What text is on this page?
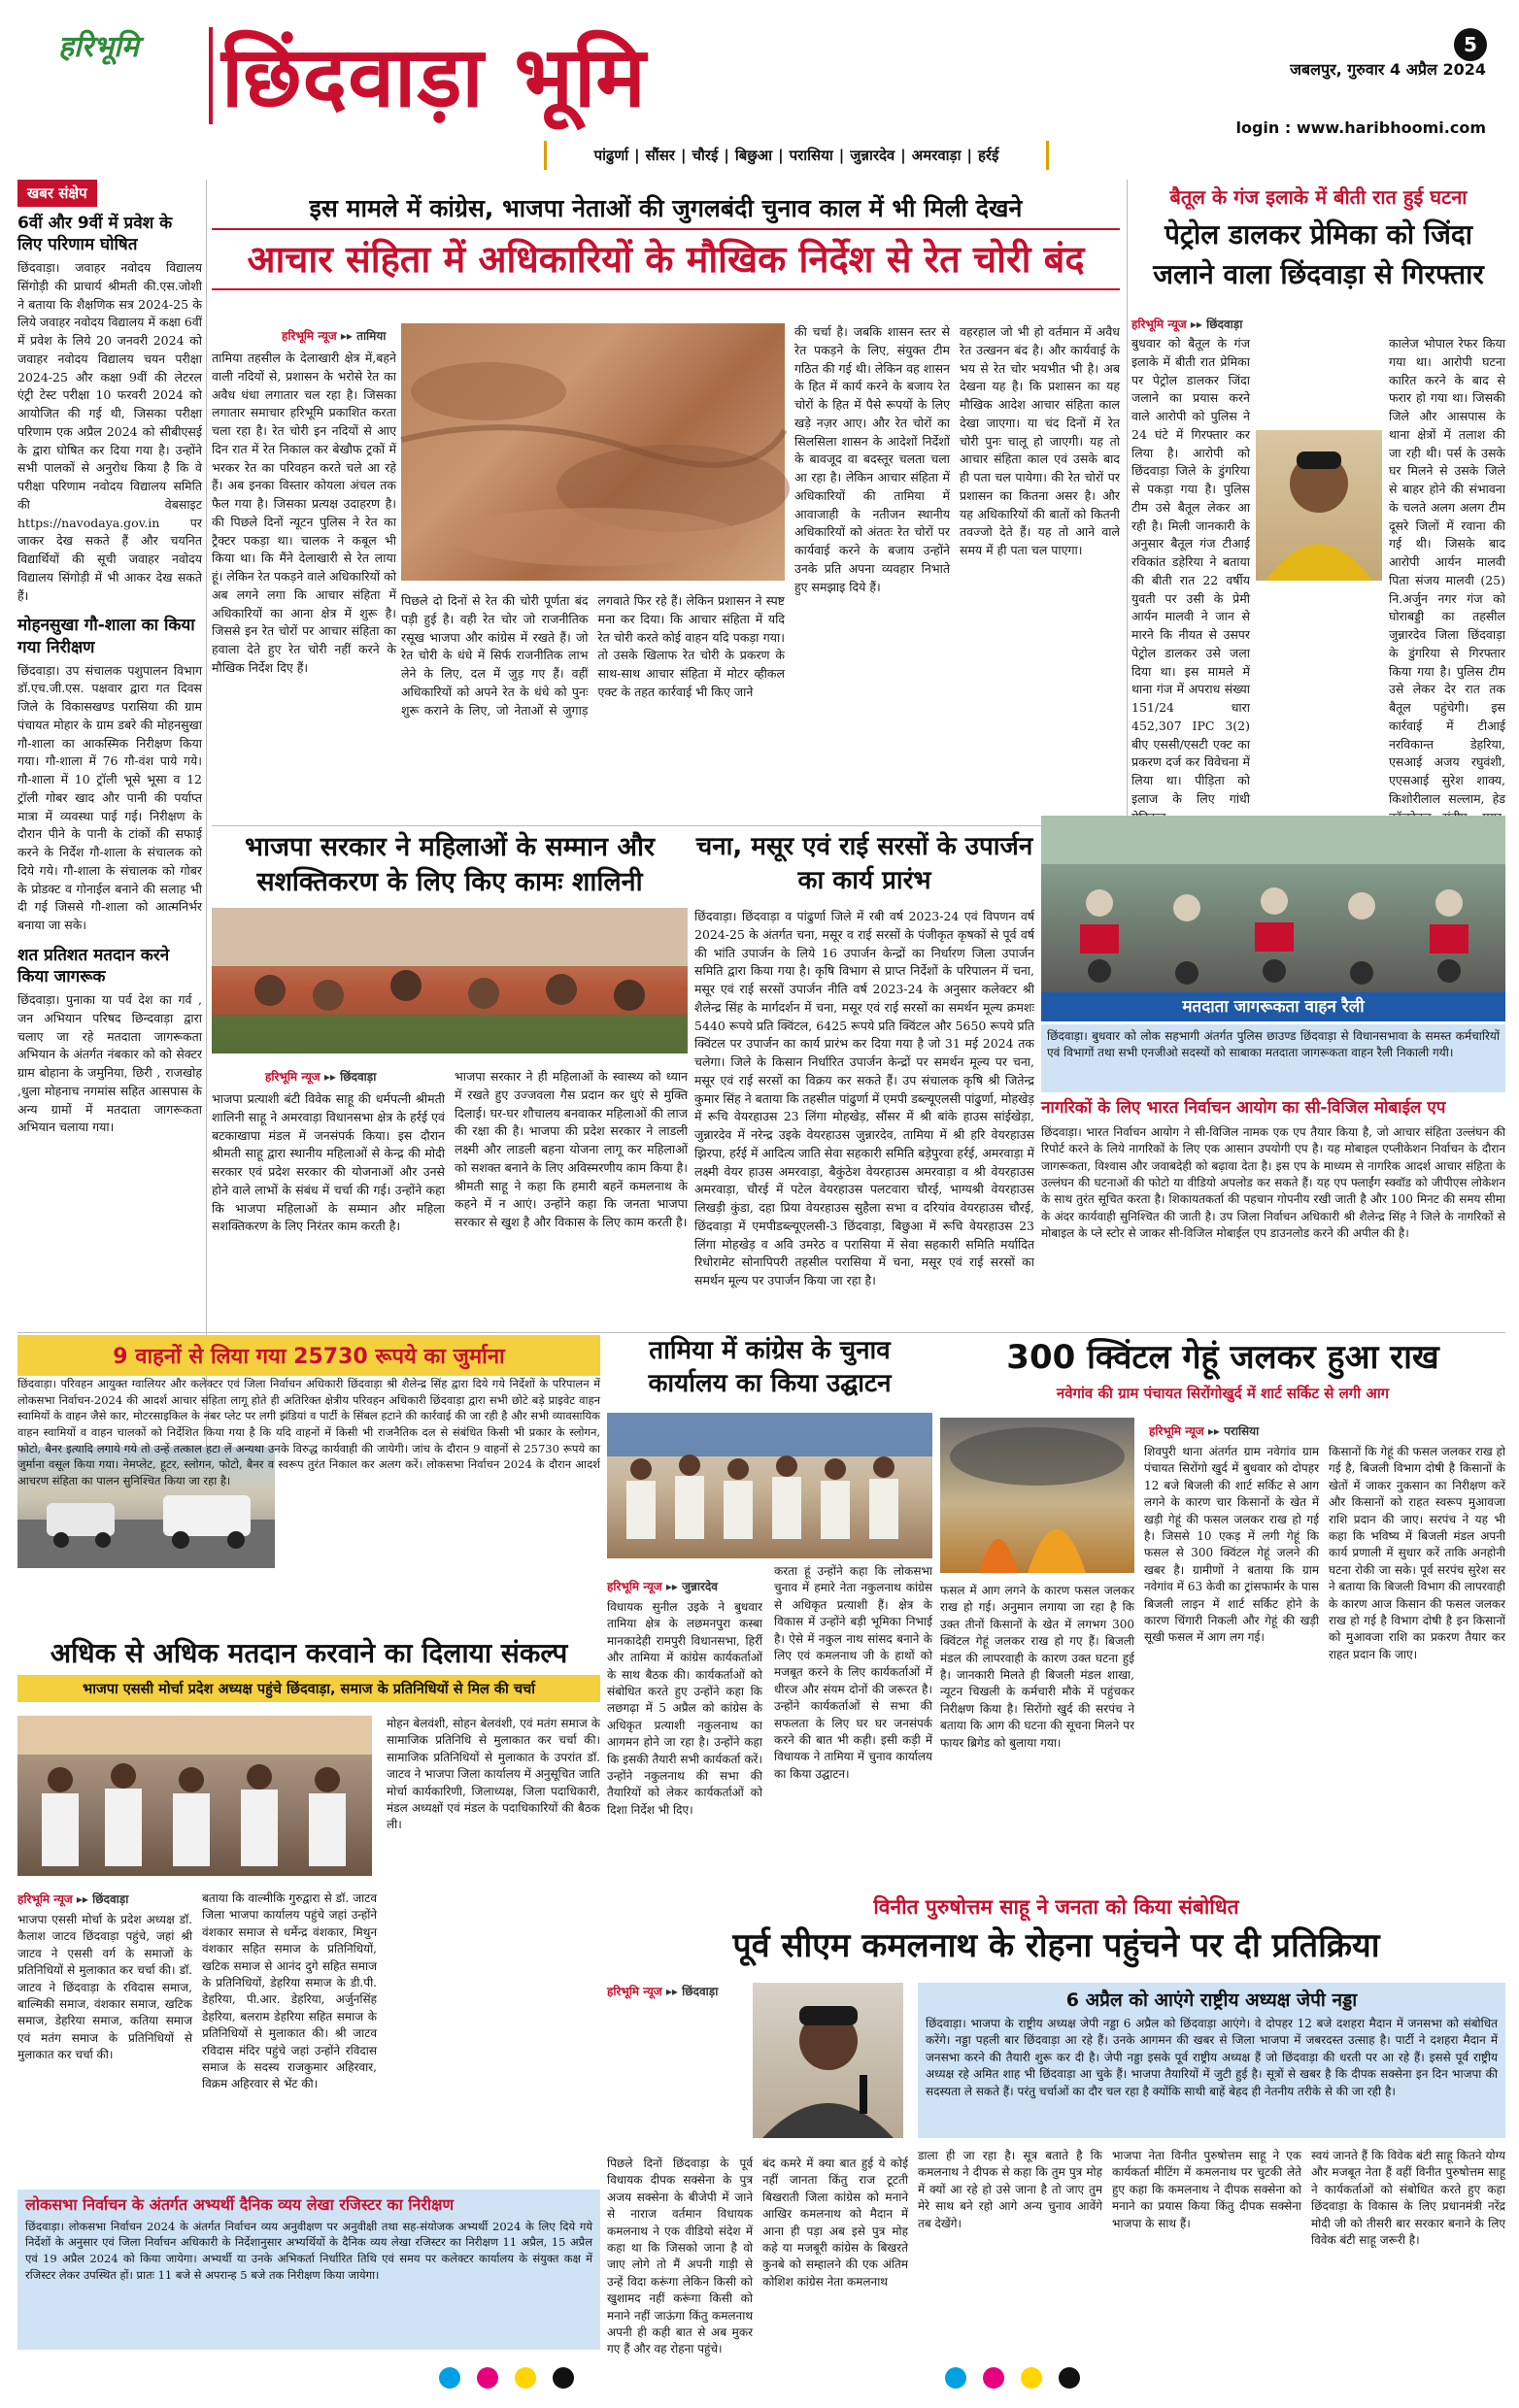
हरिभूमि छिंदवाड़ा भूमि	5
जबलपुर, गुरुवार 4 अप्रैल 2024
login : www.haribhoomi.com
पांढुर्णा | सौंसर | चौरई | बिछुआ | परासिया | जुन्नारदेव | अमरवाड़ा | हर्रई
खबर संक्षेप
6वीं और 9वीं में प्रवेश के लिए परिणाम घोषित
छिंदवाड़ा। जवाहर नवोदय विद्यालय सिंगोड़ी की प्राचार्य श्रीमती की.एस.जोशी ने बताया कि शैक्षणिक सत्र 2024-25 के लिये जवाहर नवोदय विद्यालय में कक्षा 6वीं में प्रवेश के लिये 20 जनवरी 2024 को जवाहर नवोदय विद्यालय चयन परीक्षा 2024-25 और कक्षा 9वीं की लेटरल एंट्री टेस्ट परीक्षा 10 फरवरी 2024 को आयोजित की गई थी, जिसका परीक्षा परिणाम एक अप्रैल 2024 को सीबीएसई के द्वारा घोषित कर दिया गया है। उन्होंने सभी पालकों से अनुरोध किया है कि वे परीक्षा परिणाम नवोदय विद्यालय समिति की वेबसाइट https://navodaya.gov.in पर जाकर देख सकते हैं और चयनित विद्यार्थियों की सूची जवाहर नवोदय विद्यालय सिंगोड़ी में भी आकर देख सकते हैं।
मोहनसुखा गौ-शाला का किया गया निरीक्षण
छिंदवाड़ा। उप संचालक पशुपालन विभाग डॉ.एच.जी.एस. पक्षवार द्वारा गत दिवस जिले के विकासखण्ड परासिया की ग्राम पंचायत मोहार के ग्राम डबरे की मोहनसुखा गौ-शाला का आकस्मिक निरीक्षण किया गया। गौ-शाला में 76 गौ-वंश पाये गये। गौ-शाला में 10 ट्रॉली भूसे भूसा व 12 ट्रॉली गोबर खाद और पानी की पर्याप्त मात्रा में व्यवस्था पाई गई। निरीक्षण के दौरान पीने के पानी के टांकों की सफाई करने के निर्देश गौ-शाला के संचालक को दिये गये। गौ-शाला के संचालक को गोबर के प्रोडक्ट व गोनाईल बनाने की सलाह भी दी गई जिससे गौ-शाला को आत्मनिर्भर बनाया जा सके।
शत प्रतिशत मतदान करने किया जागरूक
छिंदवाड़ा। पुनाका या पर्व देश का गर्व , जन अभियान परिषद छिन्दवाड़ा द्वारा चलाए जा रहे मतदाता जागरूकता अभियान के अंतर्गत नंबकार को को सेक्टर ग्राम बोहाना के जमुनिया, छिरी , राजखोह ,धुला मोहनाच नगमांस सहित आसपास के अन्य ग्रामों में मतदाता जागरूकता अभियान चलाया गया।
इस मामले में कांग्रेस, भाजपा नेताओं की जुगलबंदी चुनाव काल में भी मिली देखने
आचार संहिता में अधिकारियों के मौखिक निर्देश से रेत चोरी बंद
हरिभूमि न्यूज ▸▸ तामिया
तामिया तहसील के देलाखारी क्षेत्र में,बहने वाली नदियों से, प्रशासन के भरोसे रेत का अवैध धंधा लगातार चल रहा है। जिसका लगातार समाचार हरिभूमि प्रकाशित करता चला रहा है। रेत चोरी इन नदियों से आए दिन रात में रेत निकाल कर बेखौफ ट्रकों में भरकर रेत का परिवहन करते चले आ रहे हैं। अब इनका विस्तार कोयला अंचल तक फैल गया है। जिसका प्रत्यक्ष उदाहरण है। की पिछले दिनों न्यूटन पुलिस ने रेत का ट्रैक्टर पकड़ा था। चालक ने कबूल भी किया था। कि मैंने देलाखारी से रेत लाया हूं। लेकिन रेत पकड़ने वाले अधिकारियों को अब लगने लगा कि आचार संहिता में अधिकारियों का आना क्षेत्र में शुरू है। जिससे इन रेत चोरों पर आचार संहिता का हवाला देते हुए रेत चोरी नहीं करने के मौखिक निर्देश दिए हैं।
वहरहाल जो भी हो वर्तमान में अवैध रेत उत्खनन बंद है। और कार्यवाई के भय से रेत चोर भयभीत भी है। अब देखना यह है। कि प्रशासन का यह मौखिक आदेश आचार संहिता काल देखा जाएगा। या चंद दिनों में रेत चोरी पुनः चालू हो जाएगी। यह तो आचार संहिता काल एवं उसके बाद ही पता चल पायेगा। की रेत चोरों पर प्रशासन का कितना असर है। और यह अधिकारियों की बातों को कितनी तवज्जो देते हैं। यह तो आने वाले समय में ही पता चल पाएगा।
की चर्चा है। जबकि शासन स्तर से रेत पकड़ने के लिए, संयुक्त टीम गठित की गई थी। लेकिन वह शासन के हित में कार्य करने के बजाय रेत चोरों के हित में पैसे रूपयों के लिए खड़े नज़र आए। और रेत चोरों का सिलसिला शासन के आदेशों निर्देशों के बावजूद वा बदस्तूर चलता चला आ रहा है। लेकिन आचार संहिता में अधिकारियों की तामिया में आवाजाही के नतीजन स्थानीय अधिकारियों को अंततः रेत चोरों पर कार्यवाई करने के बजाय उन्होंने उनके प्रति अपना व्यवहार निभाते हुए समझाइ दिये हैं।
पिछले दो दिनों से रेत की चोरी पूर्णता बंद पड़ी हुई है। वही रेत चोर जो राजनीतिक रसूख भाजपा और कांग्रेस में रखते हैं। जो रेत चोरी के धंधे में सिर्फ राजनीतिक लाभ लेने के लिए, दल में जुड़ गए हैं। वहीं अधिकारियों को अपने रेत के धंधे को पुनः शुरू कराने के लिए, जो नेताओं से जुगाड़ लगवाते फिर रहे हैं। लेकिन प्रशासन ने स्पष्ट मना कर दिया। कि आचार संहिता में यदि रेत चोरी करते कोई वाहन यदि पकड़ा गया। तो उसके खिलाफ रेत चोरी के प्रकरण के साथ-साथ आचार संहिता में मोटर व्हीकल एक्ट के तहत कार्रवाई भी किए जाने
बैतूल के गंज इलाके में बीती रात हुई घटना
पेट्रोल डालकर प्रेमिका को जिंदा जलाने वाला छिंदवाड़ा से गिरफ्तार
हरिभूमि न्यूज ▸▸ छिंदवाड़ा
बुधवार को बैतूल के गंज इलाके में बीती रात प्रेमिका पर पेट्रोल डालकर जिंदा जलाने का प्रयास करने वाले आरोपी को पुलिस ने 24 घंटे में गिरफ्तार कर लिया है। आरोपी को छिंदवाड़ा जिले के डुंगरिया से पकड़ा गया है। पुलिस टीम उसे बैतूल लेकर आ रही है। मिली जानकारी के अनुसार बैतूल गंज टीआई रविकांत डहेरिया ने बताया की बीती रात 22 वर्षीय युवती पर उसी के प्रेमी आर्यन मालवी ने जान से मारने कि नीयत से उसपर पेट्रोल डालकर उसे जला दिया था। इस मामले में थाना गंज में अपराध संख्या 151/24 धारा 452,307 IPC 3(2) बीए एससी/एसटी एक्ट का प्रकरण दर्ज कर विवेचना में लिया था। पीड़िता को इलाज के लिए गांधी
कालेज भोपाल रेफर किया गया था। आरोपी घटना कारित करने के बाद से फरार हो गया था। जिसकी जिले और आसपास के थाना क्षेत्रों में तलाश की जा रही थी। पर्स के उसके घर मिलने से उसके जिले से बाहर होने की संभावना के चलते अलग अलग टीम दूसरे जिलों में रवाना की गई थी। जिसके बाद आरोपी आर्यन मालवी पिता संजय मालवी (25) नि.अर्जुन नगर गंज को घोराबड्डी का तहसील जुन्नारदेव जिला छिंदवाड़ा के डुंगरिया से गिरफ्तार किया गया है। पुलिस टीम उसे लेकर देर रात तक बैतूल पहुंचेगी। इस कार्रवाई में टीआई नरविकान्त डेहरिया, एसआई अजय रघुवंशी, एएसआई सुरेश शाक्य, किशोरीलाल सल्लाम, हेड
भाजपा सरकार ने महिलाओं के सम्मान और सशक्तिकरण के लिए किए कामः शालिनी
हरिभूमि न्यूज ▸▸ छिंदवाड़ा
भाजपा प्रत्याशी बंटी विवेक साहू की धर्मपत्नी श्रीमती शालिनी साहू ने अमरवाड़ा विधानसभा क्षेत्र के हर्रई एवं बटकाखापा मंडल में जनसंपर्क किया। इस दौरान श्रीमती साहू द्वारा स्थानीय महिलाओं से केन्द्र की मोदी सरकार एवं प्रदेश सरकार की योजनाओं और उनसे होने वाले लाभों के संबंध में चर्चा की गई। उन्होंने कहा कि भाजपा महिलाओं के सम्मान और महिला सशक्तिकरण के लिए निरंतर काम करती है।
भाजपा सरकार ने ही महिलाओं के स्वास्थ्य को ध्यान में रखते हुए उज्जवला गैस प्रदान कर धुएं से मुक्ति दिलाई। घर-घर शौचालय बनवाकर महिलाओं की लाज की रक्षा की है। भाजपा की प्रदेश सरकार ने लाडली लक्ष्मी और लाडली बहना योजना लागू कर महिलाओं को सशक्त बनाने के लिए अविस्मरणीय काम किया है। श्रीमती साहू ने कहा कि हमारी बहनें कमलनाथ के कहने में न आएं। उन्होंने कहा कि जनता भाजपा सरकार से खुश है और विकास के लिए काम करती है।
चना, मसूर एवं राई सरसों के उपार्जन का कार्य प्रारंभ
छिंदवाड़ा। छिंदवाड़ा व पांढुर्णा जिले में रबी वर्ष 2023-24 एवं विपणन वर्ष 2024-25 के अंतर्गत चना, मसूर व राई सरसों के पंजीकृत कृषकों से पूर्व वर्ष की भांति उपार्जन के लिये 16 उपार्जन केन्द्रों का निर्धारण जिला उपार्जन समिति द्वारा किया गया है। कृषि विभाग से प्राप्त निर्देशों के परिपालन में चना, मसूर एवं राई सरसों उपार्जन नीति वर्ष 2023-24 के अनुसार कलेक्टर श्री शैलेन्द्र सिंह के मार्गदर्शन में चना, मसूर एवं राई सरसों का समर्थन मूल्य क्रमशः 5440 रूपये प्रति क्विंटल, 6425 रूपये प्रति क्विंटल और 5650 रूपये प्रति क्विंटल पर उपार्जन का कार्य प्रारंभ कर दिया गया है जो 31 मई 2024 तक चलेगा। जिले के किसान निर्धारित उपार्जन केन्द्रों पर समर्थन मूल्य पर चना, मसूर एवं राई सरसों का विक्रय कर सकते हैं। उप संचालक कृषि श्री जितेन्द्र कुमार सिंह ने बताया कि तहसील पांढुर्णा में एमपी डब्ल्यूएलसी पांढुर्णा, मोहखेड़ में रूचि वेयरहाउस 23 लिंगा मोहखेड़, सौंसर में श्री बांके हाउस सांईखेड़ा, जुन्नारदेव में नरेन्द्र उइके वेयरहाउस जुन्नारदेव, तामिया में श्री हरि वेयरहाउस झिरपा, हर्रई में आदित्य जाति सेवा सहकारी समिति बड़ेपुरवा हर्रई, अमरवाड़ा में लक्ष्मी वेयर हाउस अमरवाड़ा, बैकुंठेश वेयरहाउस अमरवाड़ा व श्री वेयरहाउस अमरवाड़ा, चौरई में पटेल वेयरहाउस पलटवारा चौरई, भाग्यश्री वेयरहाउस लिखड़ी कुंडा, दहा प्रिया वेयरहाउस सुहैला सभा व दरियांव वेयरहाउस चौरई, छिंदवाड़ा में एमपीडब्ल्यूएलसी-3 छिंदवाड़ा, बिछुआ में रूचि वेयरहाउस 23 लिंगा मोहखेड़ व अवि उमरेठ व परासिया में सेवा सहकारी समिति मर्यादित रिधोरामेट सोनापिपरी तहसील परासिया में चना, मसूर एवं राई सरसों का समर्थन मूल्य पर उपार्जन किया जा रहा है।
मतदाता जागरूकता वाहन रैली
छिंदवाड़ा। बुधवार को लोक सहभागी अंतर्गत पुलिस छाउण्ड छिंदवाड़ा से विधानसभावा के समस्त कर्मचारियों एवं विभागों तथा सभी एनजीओ सदस्यों को साबाका मतदाता जागरूकता वाहन रैली निकाली गयी।
नागरिकों के लिए भारत निर्वाचन आयोग का सी-विजिल मोबाईल एप
छिंदवाड़ा। भारत निर्वाचन आयोग ने सी-विजिल नामक एक एप तैयार किया है, जो आचार संहिता उल्लंघन की रिपोर्ट करने के लिये नागरिकों के लिए एक आसान उपयोगी एप है। यह मोबाइल एप्लीकेशन निर्वाचन के दौरान जागरूकता, विश्वास और जवाबदेही को बढ़ावा देता है। इस एप के माध्यम से नागरिक आदर्श आचार संहिता के उल्लंघन की घटनाओं की फोटो या वीडियो अपलोड कर सकते हैं। यह एप फ्लाईंग स्क्वॉड को जीपीएस लोकेशन के साथ तुरंत सूचित करता है। शिकायतकर्ता की पहचान गोपनीय रखी जाती है और 100 मिनट की समय सीमा के अंदर कार्यवाही सुनिश्चित की जाती है। उप जिला निर्वाचन अधिकारी श्री शैलेन्द्र सिंह ने जिले के नागरिकों से मोबाइल के प्ले स्टोर से जाकर सी-विजिल मोबाईल एप डाउनलोड करने की अपील की है।
9 वाहनों से लिया गया 25730 रूपये का जुर्माना
छिंदवाड़ा। परिवहन आयुक्त ग्वालियर और कलेक्टर एवं जिला निर्वाचन अधिकारी छिंदवाड़ा श्री शैलेन्द्र सिंह द्वारा दिये गये निर्देशों के परिपालन में लोकसभा निर्वाचन-2024 की आदर्श आचार संहिता लागू होते ही अतिरिक्त क्षेत्रीय परिवहन अधिकारी छिंदवाड़ा द्वारा सभी छोटे बड़े प्राइवेट वाहन स्वामियों के वाहन जैसे कार, मोटरसाइकिल के नंबर प्लेट पर लगी झंडियां व पार्टी के सिंबल हटाने की कार्रवाई की जा रही है और सभी व्यावसायिक वाहन स्वामियों व वाहन चालकों को निर्देशित किया गया है कि यदि वाहनों में किसी भी राजनैतिक दल से संबंधित किसी भी प्रकार के स्लोगन, फोटो, बैनर इत्यादि लगाये गये तो उन्हें तत्काल हटा लें अन्यथा उनके विरुद्ध कार्यवाही की जायेगी। जांच के दौरान 9 वाहनों से 25730 रूपये का जुर्माना वसूल किया गया। नेमप्लेट, हूटर, स्लोगन, फोटो, बैनर व स्वरूप तुरंत निकाल कर अलग करें। लोकसभा निर्वाचन 2024 के दौरान आदर्श आचरण संहिता का पालन सुनिश्चित किया जा रहा है।
तामिया में कांग्रेस के चुनाव कार्यालय का किया उद्घाटन
हरिभूमि न्यूज ▸▸ जुन्नारदेव
विधायक सुनील उइके ने बुधवार तामिया क्षेत्र के लछमनपुरा कस्बा मानकादेही रामपुरी विधानसभा, हिर्री और तामिया में कांग्रेस कार्यकर्ताओं के साथ बैठक की। कार्यकर्ताओं को संबोधित करते हुए उन्होंने कहा कि लछगढ़ा में 5 अप्रैल को कांग्रेस के अधिकृत प्रत्याशी नकुलनाथ का आगमन होने जा रहा है। उन्होंने कहा कि इसकी तैयारी सभी कार्यकर्ता करें। उन्होंने नकुलनाथ की सभा की तैयारियों को लेकर कार्यकर्ताओं को दिशा निर्देश भी दिए।
करता हूं उन्होंने कहा कि लोकसभा चुनाव में हमारे नेता नकुलनाथ कांग्रेस से अधिकृत प्रत्याशी हैं। क्षेत्र के विकास में उन्होंने बड़ी भूमिका निभाई है। ऐसे में नकुल नाथ सांसद बनाने के लिए एवं कमलनाथ जी के हाथों को मजबूत करने के लिए कार्यकर्ताओं में धीरज और संयम दोनों की जरूरत है। उन्होंने कार्यकर्ताओं से सभा की सफलता के लिए घर घर जनसंपर्क करने की बात भी कही। इसी कड़ी में विधायक ने तामिया में चुनाव कार्यालय का किया उद्घाटन।
300 क्विंटल गेहूं जलकर हुआ राख
नवेगांव की ग्राम पंचायत सिरोंगोखुर्द में शार्ट सर्किट से लगी आग
हरिभूमि न्यूज ▸▸ परासिया
शिवपुरी थाना अंतर्गत ग्राम नवेगांव ग्राम पंचायत सिरोंगो खुर्द में बुधवार को दोपहर 12 बजे बिजली की शार्ट सर्किट से आग लगने के कारण चार किसानों के खेत में खड़ी गेहूं की फसल जलकर राख हो गई है। जिससे 10 एकड़ में लगी गेहूं कि फसल से 300 क्विंटल गेहूं जलने की खबर है। ग्रामीणों ने बताया कि ग्राम नवेगांव में 63 केवी का ट्रांसफार्मर के पास बिजली लाइन में शार्ट सर्किट होने के कारण चिंगारी निकली और गेहूं की खड़ी सूखी फसल में आग लग गई।
फसल में आग लगने के कारण फसल जलकर राख हो गई। अनुमान लगाया जा रहा है कि उक्त तीनों किसानों के खेत में लगभग 300 क्विंटल गेहूं जलकर राख हो गए हैं। बिजली मंडल की लापरवाही के कारण उक्त घटना हुई है। जानकारी मिलते ही बिजली मंडल शाखा, न्यूटन चिखली के कर्मचारी मौके में पहुंचकर निरीक्षण किया है। सिरोंगो खुर्द की सरपंच ने बताया कि आग की घटना की सूचना मिलने पर फायर ब्रिगेड को बुलाया गया।
किसानों कि गेहूं की फसल जलकर राख हो गई है, बिजली विभाग दोषी है किसानों के खेतों में जाकर नुकसान का निरीक्षण करें और किसानों को राहत स्वरूप मुआवजा राशि प्रदान की जाए। सरपंच ने यह भी कहा कि भविष्य में बिजली मंडल अपनी कार्य प्रणाली में सुधार करें ताकि अनहोनी घटना रोकी जा सके। पूर्व सरपंच सुरेश सर ने बताया कि बिजली विभाग की लापरवाही के कारण आज किसान की फसल जलकर राख हो गई है विभाग दोषी है इन किसानों को मुआवजा राशि का प्रकरण तैयार कर राहत प्रदान कि जाए।
अधिक से अधिक मतदान करवाने का दिलाया संकल्प
भाजपा एससी मोर्चा प्रदेश अध्यक्ष पहुंचे छिंदवाड़ा, समाज के प्रतिनिधियों से मिल की चर्चा
हरिभूमि न्यूज ▸▸ छिंदवाड़ा
भाजपा एससी मोर्चा के प्रदेश अध्यक्ष डॉ. कैलाश जाटव छिंदवाड़ा पहुंचे, जहां श्री जाटव ने एससी वर्ग के समाजों के प्रतिनिधियों से मुलाकात कर चर्चा की। डॉ. जाटव ने छिंदवाड़ा के रविदास समाज, बाल्मिकी समाज, वंशकार समाज, खटिक समाज, डेहरिया समाज, कतिया समाज एवं मतंग समाज के प्रतिनिधियों से मुलाकात कर चर्चा की।
बताया कि वाल्मीकि गुरुद्वारा से डॉ. जाटव जिला भाजपा कार्यालय पहुंचे जहां उन्होंने वंशकार समाज से धर्मेन्द्र वंशकार, मिथुन वंशकार सहित समाज के प्रतिनिधियों, खटिक समाज से आनंद दुगे सहित समाज के प्रतिनिधियों, डेहरिया समाज के डी.पी. डेहरिया, पी.आर. डेहरिया, अर्जुनसिंह डेहरिया, बलराम डेहरिया सहित समाज के प्रतिनिधियों से मुलाकात की। श्री जाटव रविदास मंदिर पहुंचे जहां उन्होंने रविदास समाज के सदस्य राजकुमार अहिरवार, विक्रम अहिरवार से भेंट की।
मोहन बेलवंशी, सोहन बेलवंशी, एवं मतंग समाज के सामाजिक प्रतिनिधि से मुलाकात कर चर्चा की। सामाजिक प्रतिनिधियों से मुलाकात के उपरांत डॉ. जाटव ने भाजपा जिला कार्यालय में अनुसूचित जाति मोर्चा कार्यकारिणी, जिलाध्यक्ष, जिला पदाधिकारी, मंडल अध्यक्षों एवं मंडल के पदाधिकारियों की बैठक ली।
विनीत पुरुषोत्तम साहू ने जनता को किया संबोधित
पूर्व सीएम कमलनाथ के रोहना पहुंचने पर दी प्रतिक्रिया
हरिभूमि न्यूज ▸▸ छिंदवाड़ा
पिछले दिनों छिंदवाड़ा के पूर्व विधायक दीपक सक्सेना के पुत्र अजय सक्सेना के बीजेपी में जाने से नाराज वर्तमान विधायक कमलनाथ ने एक वीडियो संदेश में कहा था कि जिसको जाना है वो जाए लोगे तो मैं अपनी गाड़ी से उन्हें विदा करूंगा लेकिन किसी को खुशामद नहीं करूंगा किसी को मनाने नहीं जाऊंगा किंतु कमलनाथ अपनी ही कही बात से अब मुकर गए हैं और वह रोहना पहुंचे।
बंद कमरे में क्या बात हुई ये कोई नहीं जानता किंतु राज टूटती बिखराती जिला कांग्रेस को मनाने आखिर कमलनाथ को मैदान में आना ही पड़ा अब इसे पुत्र मोह कहे या मजबूरी कांग्रेस के बिखरते कुनबे को सम्हालने की एक अंतिम कोशिश कांग्रेस नेता कमलनाथ
6 अप्रैल को आएंगे राष्ट्रीय अध्यक्ष जेपी नड्डा
छिंदवाड़ा। भाजपा के राष्ट्रीय अध्यक्ष जेपी नड्डा 6 अप्रैल को छिंदवाड़ा आएंगे। वे दोपहर 12 बजे दशहरा मैदान में जनसभा को संबोधित करेंगे। नड्डा पहली बार छिंदवाड़ा आ रहे हैं। उनके आगमन की खबर से जिला भाजपा में जबरदस्त उत्साह है। पार्टी ने दशहरा मैदान में जनसभा करने की तैयारी शुरू कर दी है। जेपी नड्डा इसके पूर्व राष्ट्रीय अध्यक्ष हैं जो छिंदवाड़ा की धरती पर आ रहे हैं। इससे पूर्व राष्ट्रीय अध्यक्ष रहे अमित शाह भी छिंदवाड़ा आ चुके हैं। भाजपा तैयारियों में जुटी हुई है। सूत्रों से खबर है कि दीपक सक्सेना इन दिन भाजपा की सदस्यता ले सकते हैं। परंतु चर्चाओं का दौर चल रहा है क्योंकि साथी बाहें बेहद ही नेतनीय तरीके से की जा रही है।
डाला ही जा रहा है। सूत्र बताते है कि कमलनाथ ने दीपक से कहा कि तुम पुत्र मोह में क्यों आ रहे हो उसे जाना है तो जाए तुम मेरे साथ बने रहो आगे अन्य चुनाव आवेंगे तब देखेंगे।
भाजपा नेता विनीत पुरुषोत्तम साहू ने एक कार्यकर्ता मीटिंग में कमलनाथ पर चुटकी लेते हुए कहा कि कमलनाथ ने दीपक सक्सेना को मनाने का प्रयास किया किंतु दीपक सक्सेना भाजपा के साथ हैं।
स्वयं जानते हैं कि विवेक बंटी साहू कितने योग्य और मजबूत नेता हैं वहीं विनीत पुरुषोत्तम साहू ने कार्यकर्ताओं को संबोधित करते हुए कहा छिंदवाड़ा के विकास के लिए प्रधानमंत्री नरेंद्र मोदी जी को तीसरी बार सरकार बनाने के लिए विवेक बंटी साहू जरूरी है।
लोकसभा निर्वाचन के अंतर्गत अभ्यर्थी दैनिक व्यय लेखा रजिस्टर का निरीक्षण
छिंदवाड़ा। लोकसभा निर्वाचन 2024 के अंतर्गत निर्वाचन व्यय अनुवीक्षण पर अनुवीक्षी तथा सह-संयोजक अभ्यर्थी 2024 के लिए दिये गये निर्देशों के अनुसार एवं जिला निर्वाचन अधिकारी के निर्देशानुसार अभ्यर्थियों के दैनिक व्यय लेखा रजिस्टर का निरीक्षण 11 अप्रैल, 15 अप्रैल एवं 19 अप्रैल 2024 को किया जायेगा। अभ्यर्थी या उनके अभिकर्ता निर्धारित तिथि एवं समय पर कलेक्टर कार्यालय के संयुक्त कक्ष में रजिस्टर लेकर उपस्थित हों। प्रातः 11 बजे से अपरान्ह 5 बजे तक निरीक्षण किया जायेगा।
